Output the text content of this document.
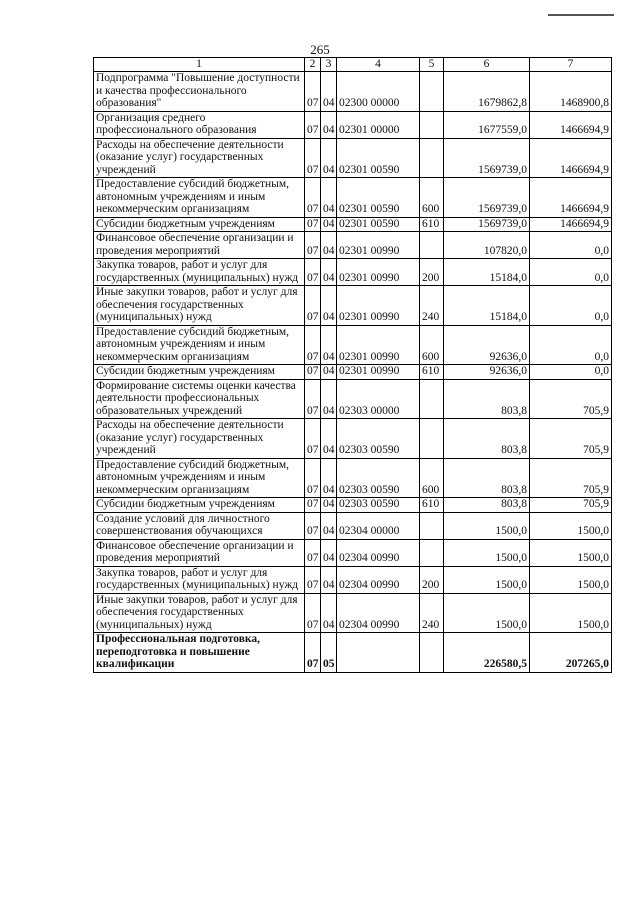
265
1	2	3	4	5	6	7
Подпрограмма "Повышение доступности и качества профессионального образования"	07	04	02300 00000		1679862,8	1468900,8
Организация среднего профессионального образования	07	04	02301 00000		1677559,0	1466694,9
Расходы на обеспечение деятельности (оказание услуг) государственных учреждений	07	04	02301 00590		1569739,0	1466694,9
Предоставление субсидий бюджетным, автономным учреждениям и иным некоммерческим организациям	07	04	02301 00590	600	1569739,0	1466694,9
Субсидии бюджетным учреждениям	07	04	02301 00590	610	1569739,0	1466694,9
Финансовое обеспечение организации и проведения мероприятий	07	04	02301 00990		107820,0	0,0
Закупка товаров, работ и услуг для государственных (муниципальных) нужд	07	04	02301 00990	200	15184,0	0,0
Иные закупки товаров, работ и услуг для обеспечения государственных (муниципальных) нужд	07	04	02301 00990	240	15184,0	0,0
Предоставление субсидий бюджетным, автономным учреждениям и иным некоммерческим организациям	07	04	02301 00990	600	92636,0	0,0
Субсидии бюджетным учреждениям	07	04	02301 00990	610	92636,0	0,0
Формирование системы оценки качества деятельности профессиональных образовательных учреждений	07	04	02303 00000		803,8	705,9
Расходы на обеспечение деятельности (оказание услуг) государственных учреждений	07	04	02303 00590		803,8	705,9
Предоставление субсидий бюджетным, автономным учреждениям и иным некоммерческим организациям	07	04	02303 00590	600	803,8	705,9
Субсидии бюджетным учреждениям	07	04	02303 00590	610	803,8	705,9
Создание условий для личностного совершенствования обучающихся	07	04	02304 00000		1500,0	1500,0
Финансовое обеспечение организации и проведения мероприятий	07	04	02304 00990		1500,0	1500,0
Закупка товаров, работ и услуг для государственных (муниципальных) нужд	07	04	02304 00990	200	1500,0	1500,0
Иные закупки товаров, работ и услуг для обеспечения государственных (муниципальных) нужд	07	04	02304 00990	240	1500,0	1500,0
Профессиональная подготовка, переподготовка и повышение квалификации	07	05			226580,5	207265,0
